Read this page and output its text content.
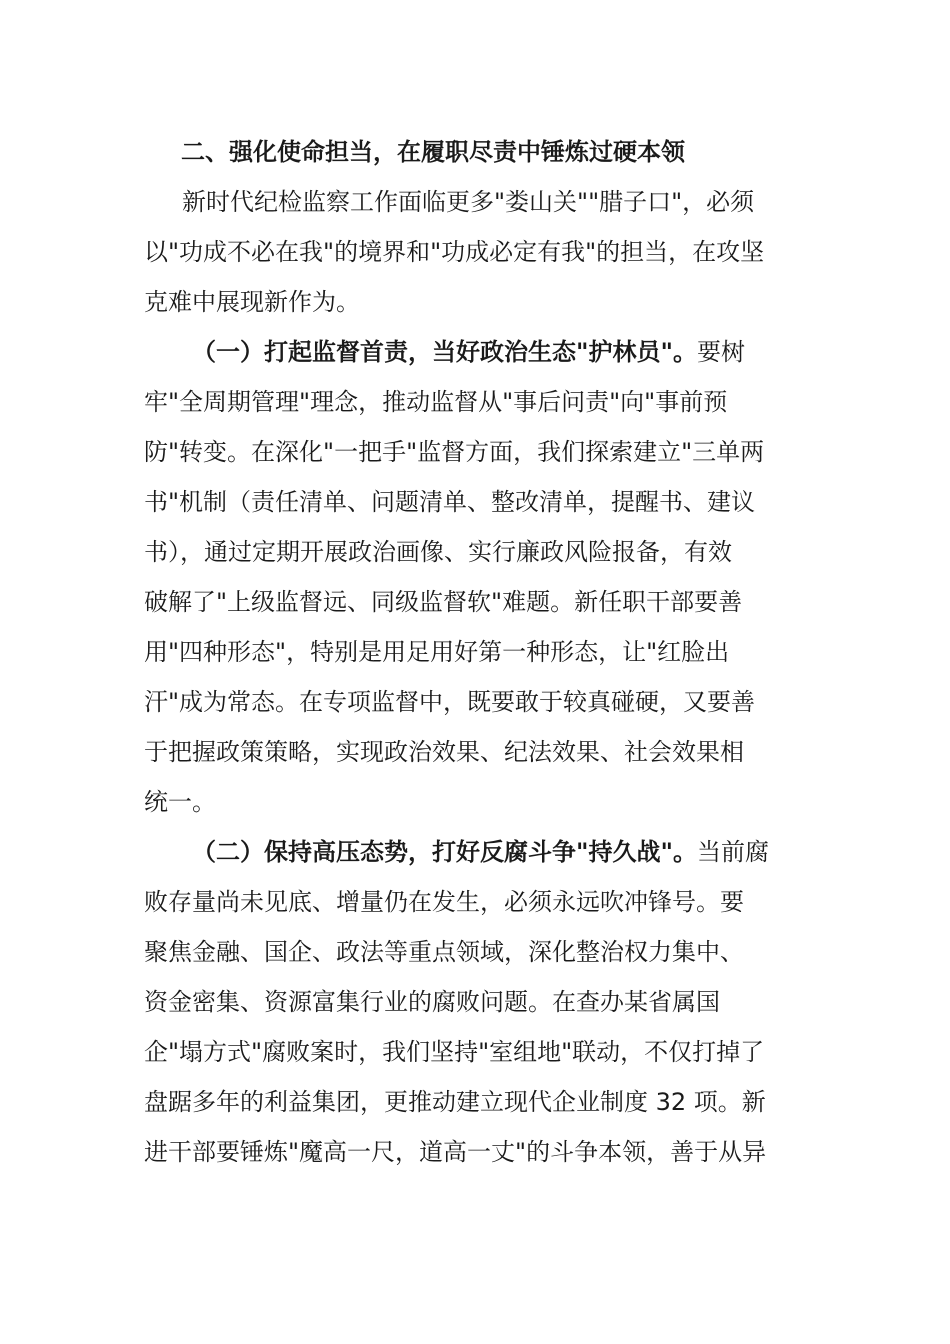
二、强化使命担当，在履职尽责中锤炼过硬本领

新时代纪检监察工作面临更多"娄山关""腊子口"，必须
以"功成不必在我"的境界和"功成必定有我"的担当，在攻坚
克难中展现新作为。
（一）打起监督首责，当好政治生态"护林员"。要树
牢"全周期管理"理念，推动监督从"事后问责"向"事前预
防"转变。在深化"一把手"监督方面，我们探索建立"三单两
书"机制（责任清单、问题清单、整改清单，提醒书、建议
书），通过定期开展政治画像、实行廉政风险报备，有效
破解了"上级监督远、同级监督软"难题。新任职干部要善
用"四种形态"，特别是用足用好第一种形态，让"红脸出
汗"成为常态。在专项监督中，既要敢于较真碰硬，又要善
于把握政策策略，实现政治效果、纪法效果、社会效果相
统一。
（二）保持高压态势，打好反腐斗争"持久战"。当前腐
败存量尚未见底、增量仍在发生，必须永远吹冲锋号。要
聚焦金融、国企、政法等重点领域，深化整治权力集中、
资金密集、资源富集行业的腐败问题。在查办某省属国
企"塌方式"腐败案时，我们坚持"室组地"联动，不仅打掉了
盘踞多年的利益集团，更推动建立现代企业制度 32 项。新
进干部要锤炼"魔高一尺，道高一丈"的斗争本领，善于从异
